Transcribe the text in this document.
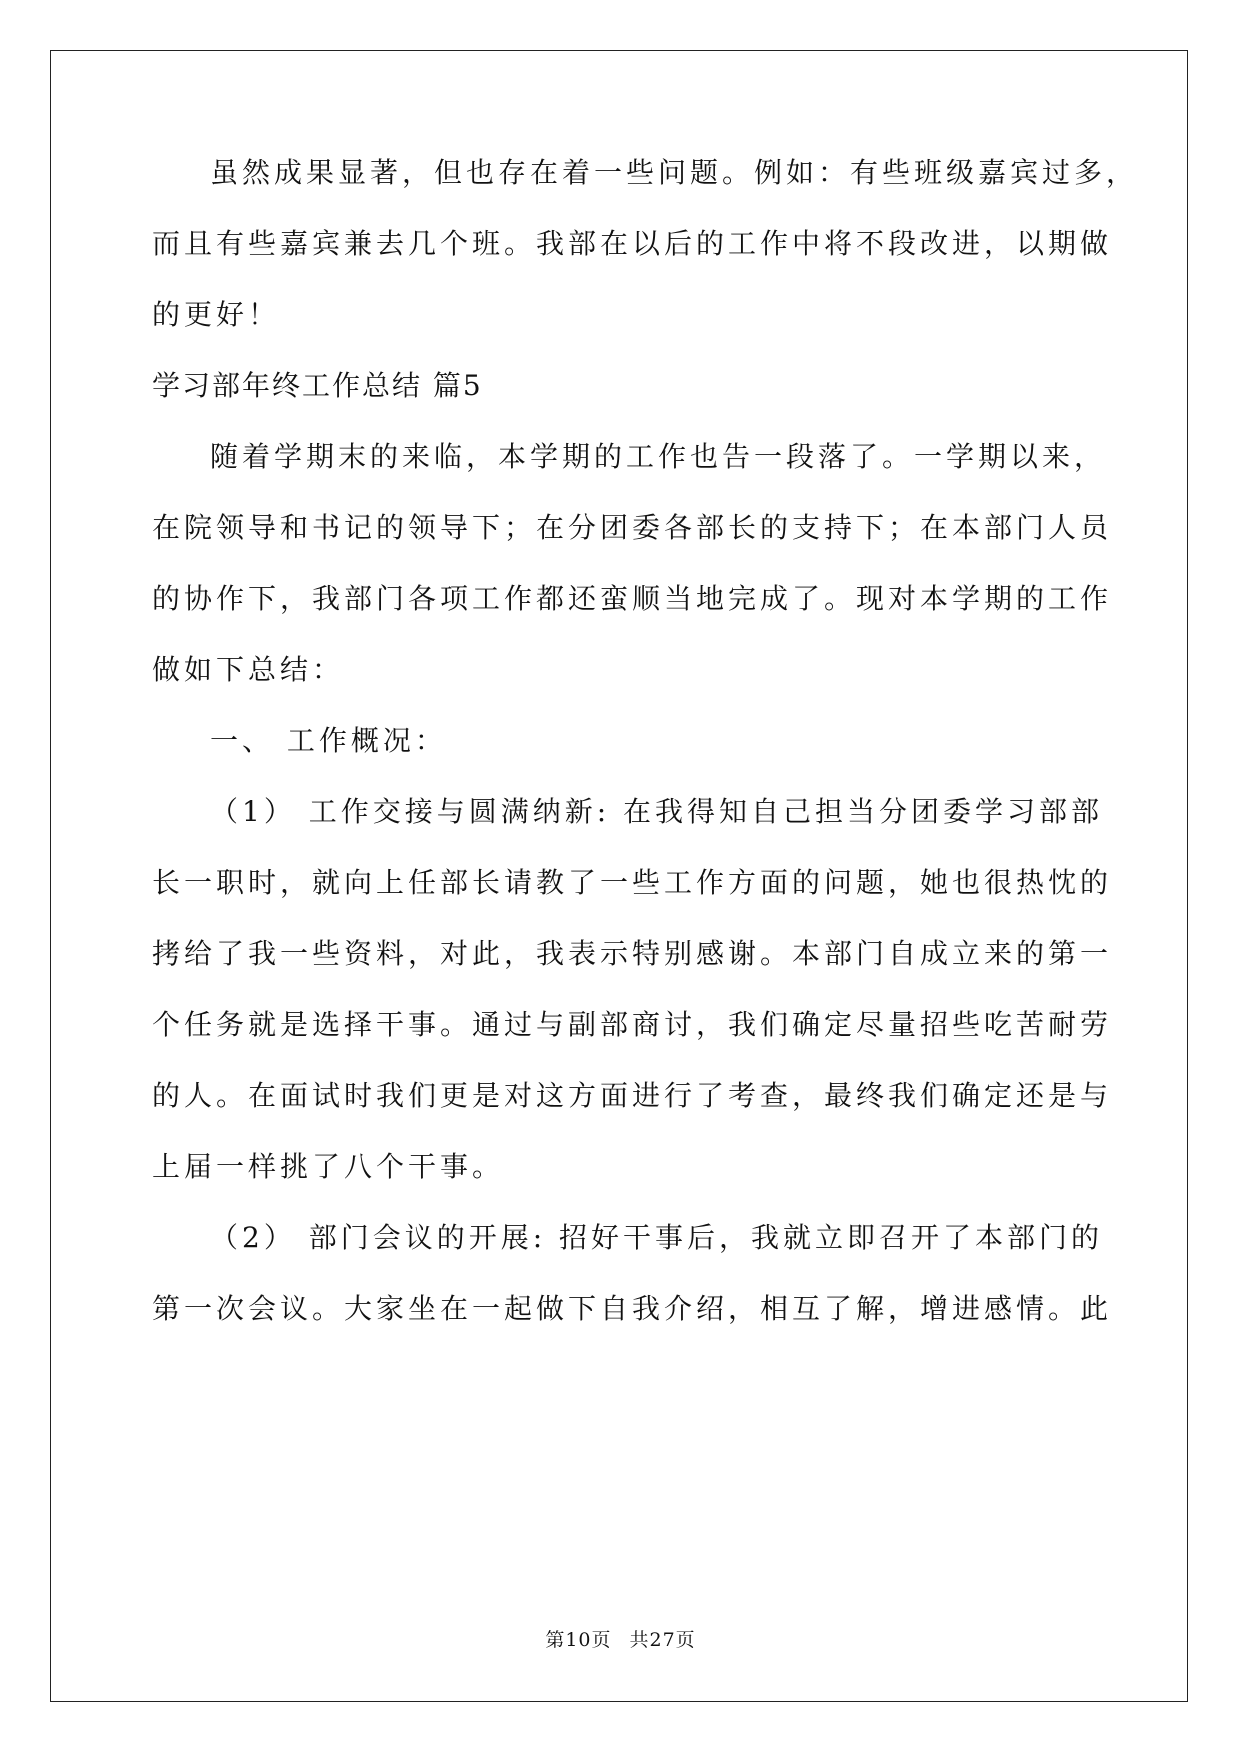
虽然成果显著，但也存在着一些问题。例如：有些班级嘉宾过多，
而且有些嘉宾兼去几个班。我部在以后的工作中将不段改进，以期做
的更好！
学习部年终工作总结 篇5
随着学期末的来临，本学期的工作也告一段落了。一学期以来，
在院领导和书记的领导下；在分团委各部长的支持下；在本部门人员
的协作下，我部门各项工作都还蛮顺当地完成了。现对本学期的工作
做如下总结：
一、 工作概况：
（1） 工作交接与圆满纳新: 在我得知自己担当分团委学习部部
长一职时，就向上任部长请教了一些工作方面的问题，她也很热忱的
拷给了我一些资料，对此，我表示特别感谢。本部门自成立来的第一
个任务就是选择干事。通过与副部商讨，我们确定尽量招些吃苦耐劳
的人。在面试时我们更是对这方面进行了考查，最终我们确定还是与
上届一样挑了八个干事。
（2） 部门会议的开展: 招好干事后，我就立即召开了本部门的
第一次会议。大家坐在一起做下自我介绍，相互了解，增进感情。此
第10页 共27页
